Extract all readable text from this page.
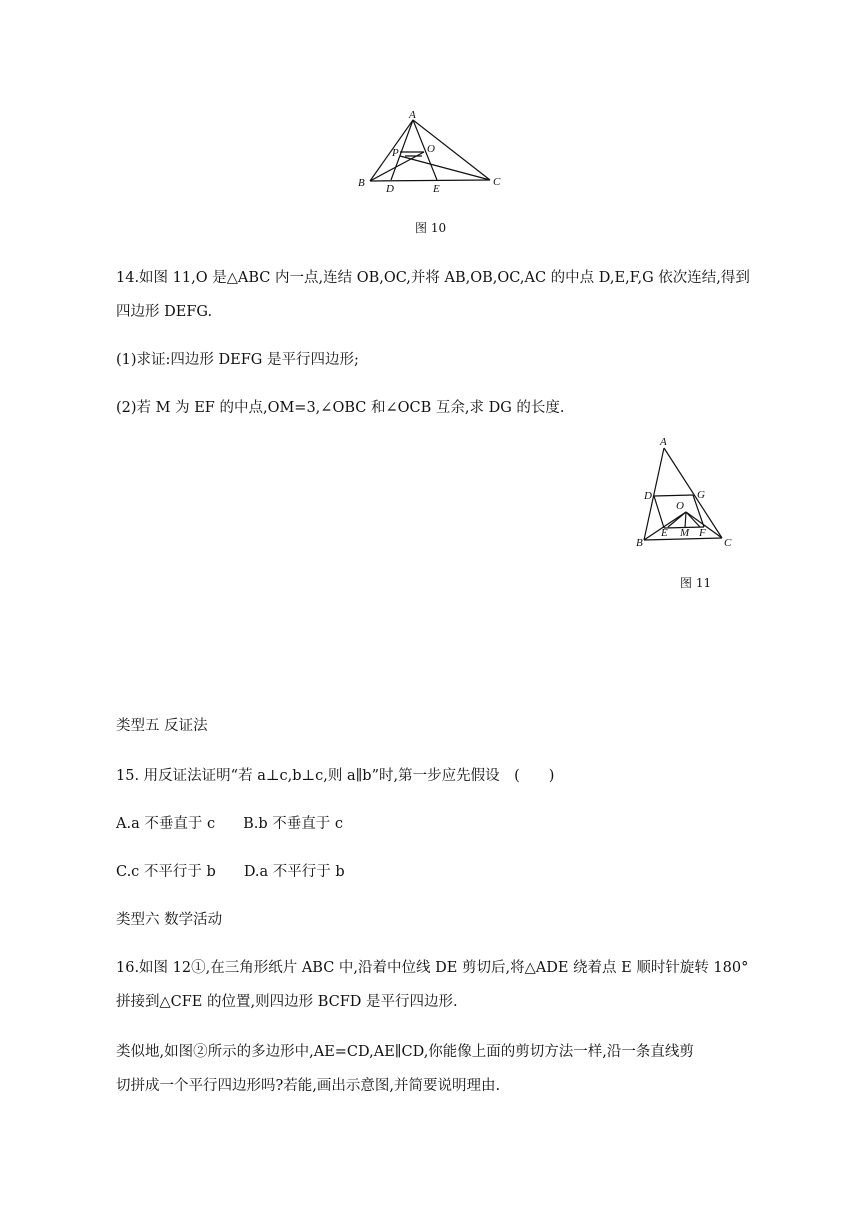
A
B	C
D	E
O
P
图 10
14.如图 11,O 是△ABC 内一点,连结 OB,OC,并将 AB,OB,OC,AC 的中点 D,E,F,G 依次连结,得到
四边形 DEFG.
(1)求证:四边形 DEFG 是平行四边形;
(2)若 M 为 EF 的中点,OM=3,∠OBC 和∠OCB 互余,求 DG 的长度.
A
D	G
O
B
E M F
C
图 11
类型五 反证法
15. 用反证法证明“若 a⊥c,b⊥c,则 a∥b”时,第一步应先假设　(　　)
A.a 不垂直于 c B.b 不垂直于 c
C.c 不平行于 b D.a 不平行于 b
类型六 数学活动
16.如图 12①,在三角形纸片 ABC 中,沿着中位线 DE 剪切后,将△ADE 绕着点 E 顺时针旋转 180°
拼接到△CFE 的位置,则四边形 BCFD 是平行四边形.
类似地,如图②所示的多边形中,AE=CD,AE∥CD,你能像上面的剪切方法一样,沿一条直线剪
切拼成一个平行四边形吗?若能,画出示意图,并简要说明理由.
